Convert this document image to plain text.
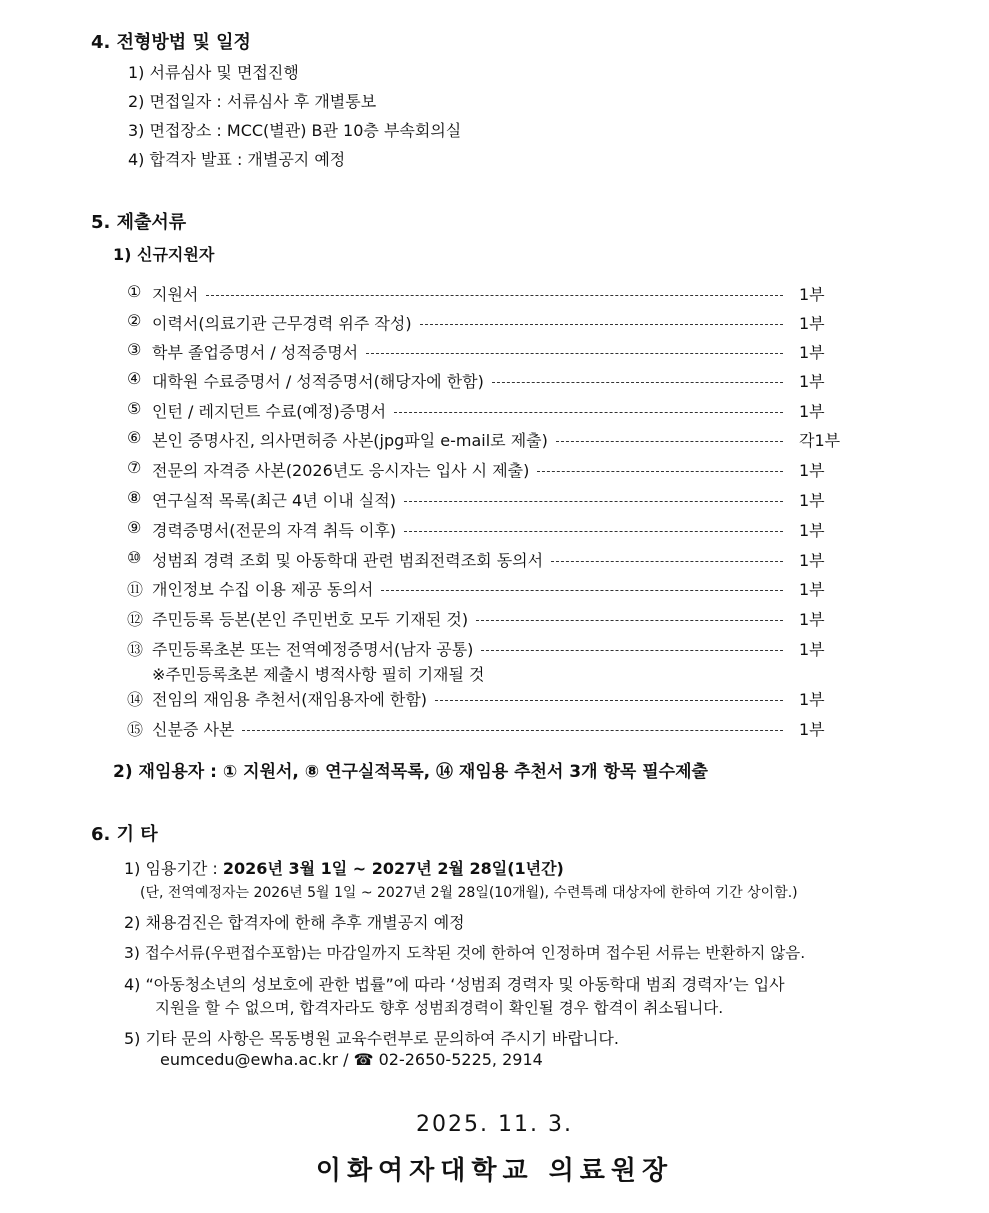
4. 전형방법 및 일정
1) 서류심사 및 면접진행
2) 면접일자 : 서류심사 후 개별통보
3) 면접장소 : MCC(별관) B관 10층 부속회의실
4) 합격자 발표 : 개별공지 예정
5. 제출서류
1) 신규지원자
① 지원서	1부
② 이력서(의료기관 근무경력 위주 작성)	1부
③ 학부 졸업증명서 / 성적증명서	1부
④ 대학원 수료증명서 / 성적증명서(해당자에 한함)	1부
⑤ 인턴 / 레지던트 수료(예정)증명서	1부
⑥ 본인 증명사진, 의사면허증 사본(jpg파일 e-mail로 제출)	각1부
⑦ 전문의 자격증 사본(2026년도 응시자는 입사 시 제출)	1부
⑧ 연구실적 목록(최근 4년 이내 실적)	1부
⑨ 경력증명서(전문의 자격 취득 이후)	1부
⑩ 성범죄 경력 조회 및 아동학대 관련 범죄전력조회 동의서	1부
⑪ 개인정보 수집 이용 제공 동의서	1부
⑫ 주민등록 등본(본인 주민번호 모두 기재된 것)	1부
⑬ 주민등록초본 또는 전역예정증명서(남자 공통)	1부
※주민등록초본 제출시 병적사항 필히 기재될 것
⑭ 전임의 재임용 추천서(재임용자에 한함)	1부
⑮ 신분증 사본	1부
2) 재임용자 : ① 지원서, ⑧ 연구실적목록, ⑭ 재임용 추천서 3개 항목 필수제출
6. 기 타
1) 임용기간 : 2026년 3월 1일 ~ 2027년 2월 28일(1년간)
(단, 전역예정자는 2026년 5월 1일 ~ 2027년 2월 28일(10개월), 수련특례 대상자에 한하여 기간 상이함.)
2) 채용검진은 합격자에 한해 추후 개별공지 예정
3) 접수서류(우편접수포함)는 마감일까지 도착된 것에 한하여 인정하며 접수된 서류는 반환하지 않음.
4) “아동청소년의 성보호에 관한 법률”에 따라 ‘성범죄 경력자 및 아동학대 범죄 경력자’는 입사
지원을 할 수 없으며, 합격자라도 향후 성범죄경력이 확인될 경우 합격이 취소됩니다.
5) 기타 문의 사항은 목동병원 교육수련부로 문의하여 주시기 바랍니다.
eumcedu@ewha.ac.kr / ☎ 02-2650-5225, 2914
2025. 11. 3.
이화여자대학교 의료원장
